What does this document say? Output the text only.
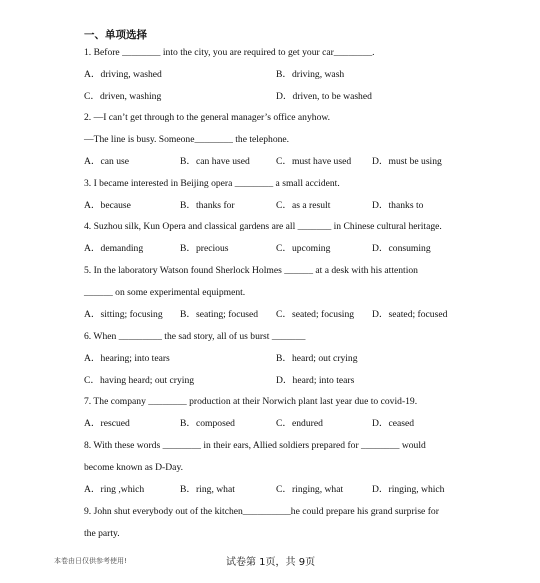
一、单项选择
1. Before ________ into the city, you are required to get your car________.
2. —I can’t get through to the general manager’s office anyhow.
—The line is busy. Someone________ the telephone.
3. I became interested in Beijing opera ________ a small accident.
4. Suzhou silk, Kun Opera and classical gardens are all _______ in Chinese cultural heritage.
5. In the laboratory Watson found Sherlock Holmes ______ at a desk with his attention
______ on some experimental equipment.
6. When _________ the sad story, all of us burst _______
7. The company ________ production at their Norwich plant last year due to covid-19.
8. With these words ________ in their ears, Allied soldiers prepared for ________ would
become known as D-Day.
9. John shut everybody out of the kitchen__________he could prepare his grand surprise for
the party.
A．driving, washed	B．driving, wash
C．driven, washing	D．driven, to be washed
A．can use	B．can have used	C．must have used D．must be using
A．because	B．thanks for	C．as a result	D．thanks to
A．demanding	B．precious	C．upcoming	D．consuming
A．sitting; focusing B．seating; focused C．seated; focusing D．seated; focused
A．hearing; into tears	B．heard; out crying
C．having heard; out crying	D．heard; into tears
A．rescued	B．composed	C．endured	D．ceased
A．ring ,which	B．ring, what	C．ringing, what	D．ringing, which
本卷由日仅供参考使用!	试卷第 1页，共 9页
